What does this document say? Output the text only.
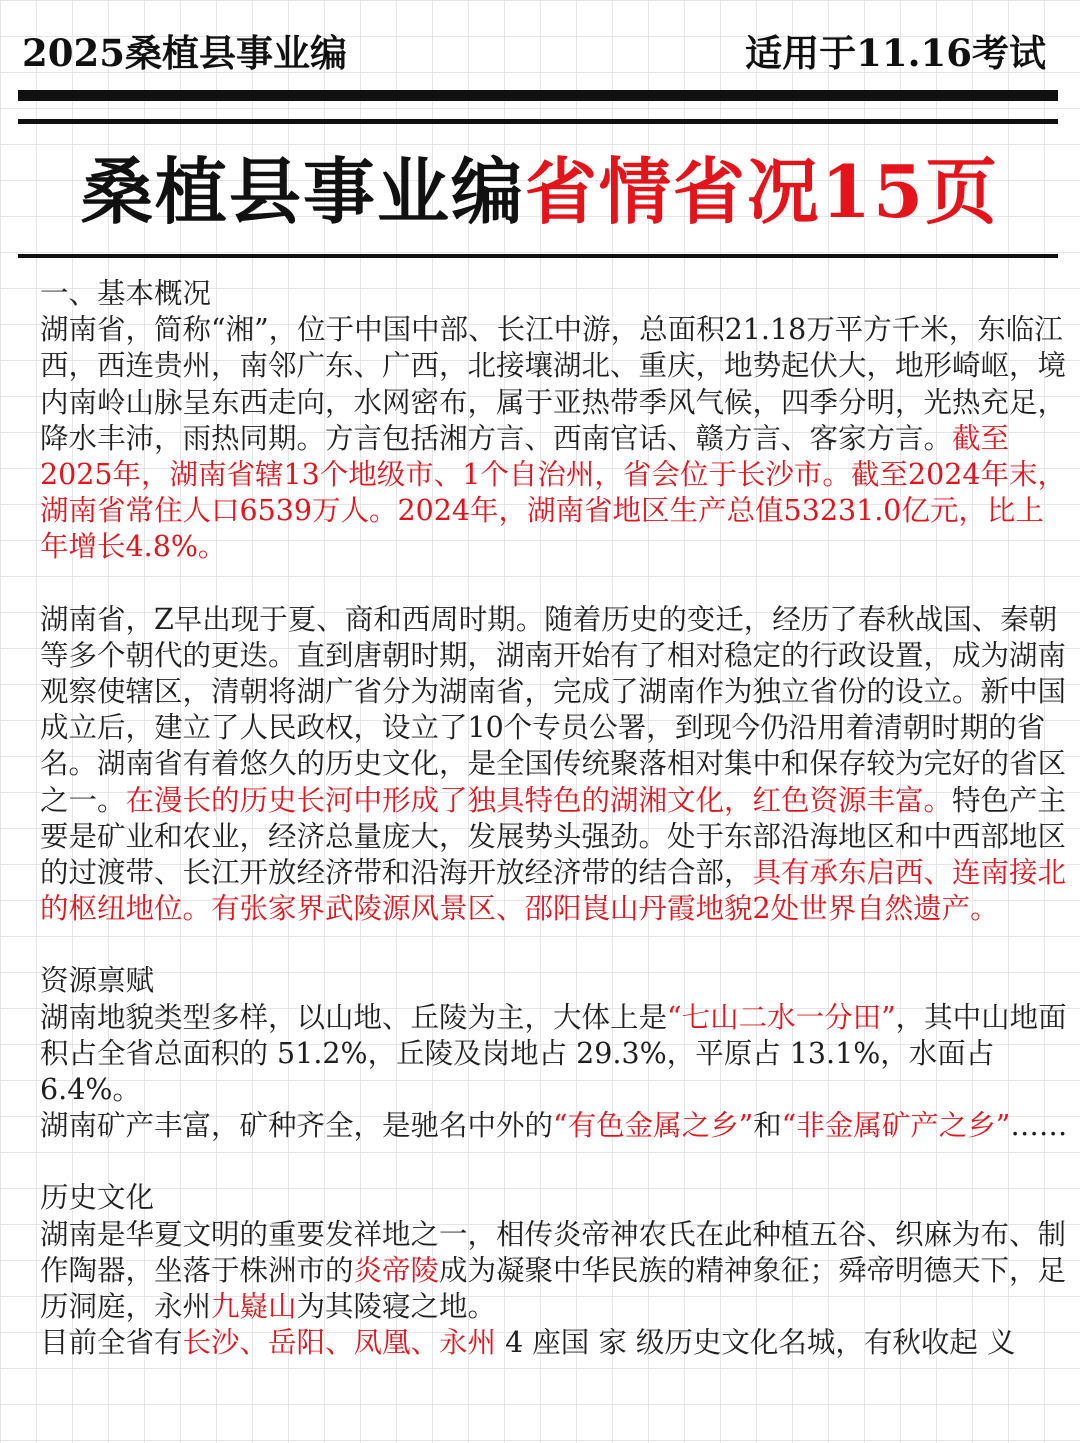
2025桑植县事业编	适用于11.16考试
桑植县事业编省情省况15页

一、基本概况

湖南省，简称“湘”，位于中国中部、长江中游，总面积21.18万平方千米，东临江西，西连贵州，南邻广东、广西，北接壤湖北、重庆，地势起伏大，地形崎岖，境内南岭山脉呈东西走向，水网密布，属于亚热带季风气候，四季分明，光热充足，降水丰沛，雨热同期。方言包括湘方言、西南官话、赣方言、客家方言。截至2025年，湖南省辖13个地级市、1个自治州，省会位于长沙市。截至2024年末，湖南省常住人口6539万人。2024年，湖南省地区生产总值53231.0亿元，比上年增长4.8%。

湖南省，Z早出现于夏、商和西周时期。随着历史的变迁，经历了春秋战国、秦朝等多个朝代的更迭。直到唐朝时期，湖南开始有了相对稳定的行政设置，成为湖南观察使辖区，清朝将湖广省分为湖南省，完成了湖南作为独立省份的设立。新中国成立后，建立了人民政权，设立了10个专员公署，到现今仍沿用着清朝时期的省名。湖南省有着悠久的历史文化，是全国传统聚落相对集中和保存较为完好的省区之一。在漫长的历史长河中形成了独具特色的湖湘文化，红色资源丰富。特色产主要是矿业和农业，经济总量庞大，发展势头强劲。处于东部沿海地区和中西部地区的过渡带、长江开放经济带和沿海开放经济带的结合部，具有承东启西、连南接北的枢纽地位。有张家界武陵源风景区、邵阳崀山丹霞地貌2处世界自然遗产。

资源禀赋

湖南地貌类型多样，以山地、丘陵为主，大体上是“七山二水一分田”，其中山地面积占全省总面积的 51.2%，丘陵及岗地占 29.3%，平原占 13.1%，水面占 6.4%。

湖南矿产丰富，矿种齐全，是驰名中外的“有色金属之乡”和“非金属矿产之乡”……

历史文化

湖南是华夏文明的重要发祥地之一，相传炎帝神农氏在此种植五谷、织麻为布、制作陶器，坐落于株洲市的炎帝陵成为凝聚中华民族的精神象征；舜帝明德天下，足历洞庭，永州九嶷山为其陵寝之地。

目前全省有长沙、岳阳、凤凰、永州 4 座国 家 级历史文化名城，有秋收起 义
